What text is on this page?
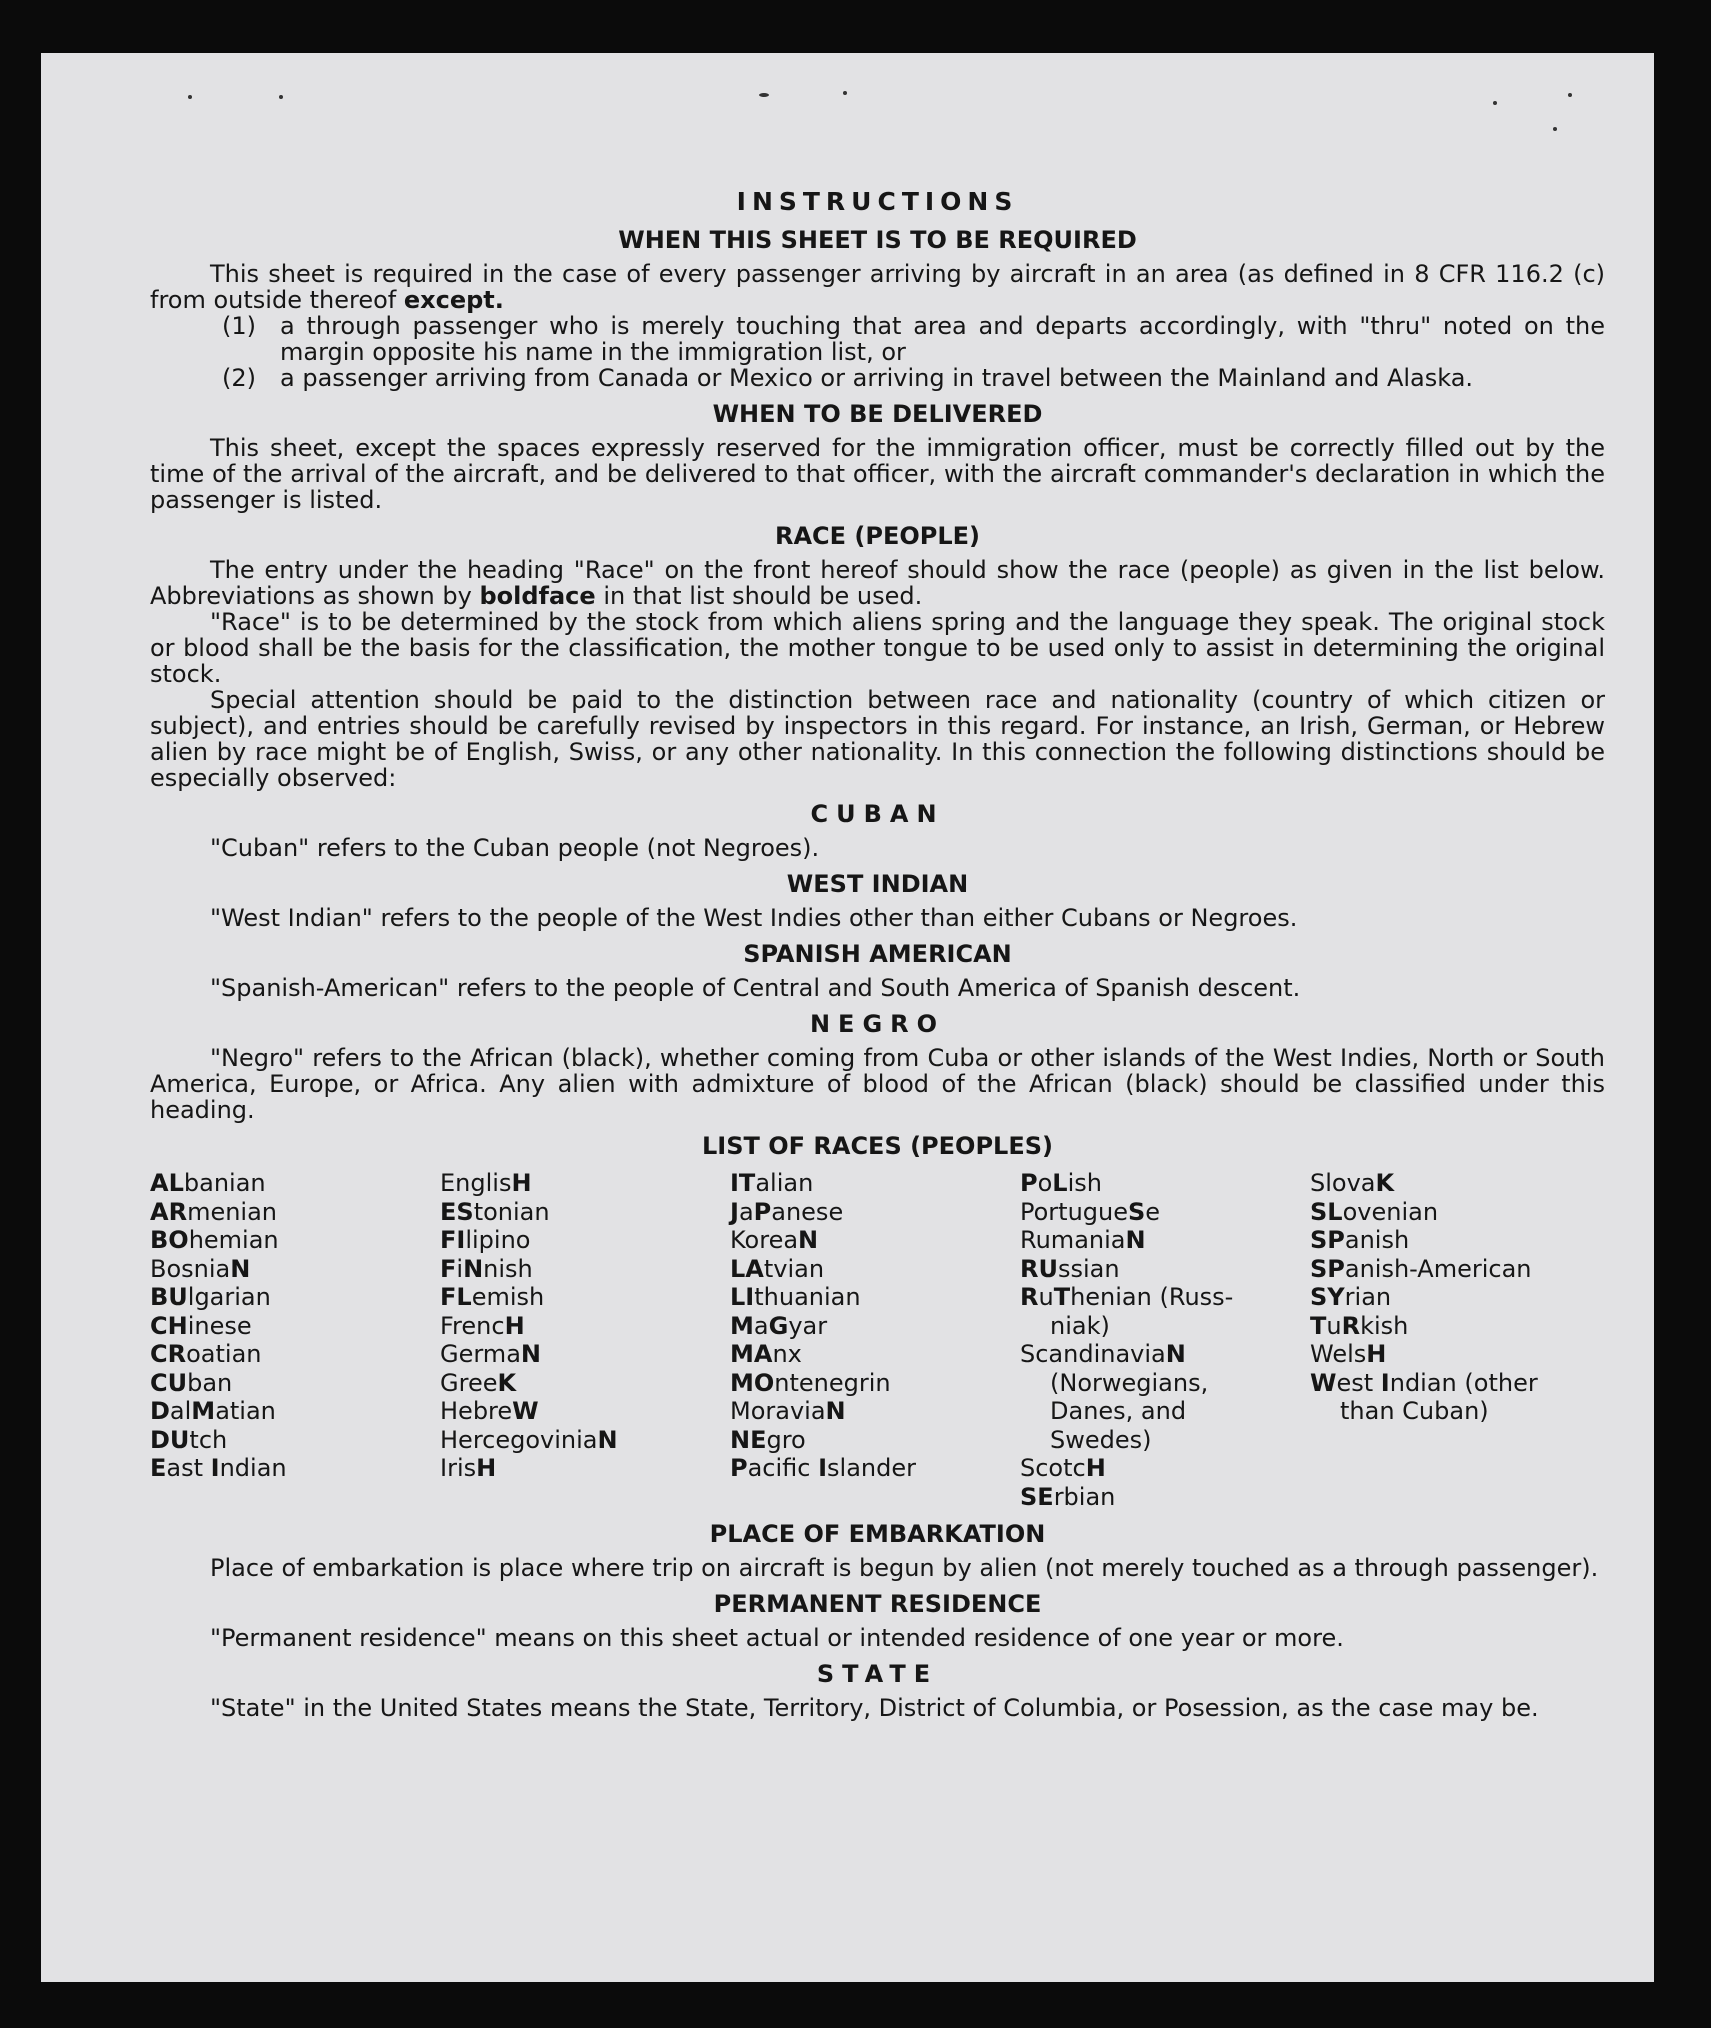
INSTRUCTIONS
WHEN THIS SHEET IS TO BE REQUIRED

This sheet is required in the case of every passenger arriving by aircraft in an area (as defined in 8 CFR 116.2 (c) from outside thereof except.

(1) a through passenger who is merely touching that area and departs accordingly, with "thru" noted on the margin opposite his name in the immigration list, or
(2) a passenger arriving from Canada or Mexico or arriving in travel between the Mainland and Alaska.
WHEN TO BE DELIVERED

This sheet, except the spaces expressly reserved for the immigration officer, must be correctly filled out by the time of the arrival of the aircraft, and be delivered to that officer, with the aircraft commander's declaration in which the passenger is listed.

RACE (PEOPLE)

The entry under the heading "Race" on the front hereof should show the race (people) as given in the list below. Abbreviations as shown by boldface in that list should be used.

"Race" is to be determined by the stock from which aliens spring and the language they speak. The original stock or blood shall be the basis for the classification, the mother tongue to be used only to assist in determining the original stock.

Special attention should be paid to the distinction between race and nationality (country of which citizen or subject), and entries should be carefully revised by inspectors in this regard. For instance, an Irish, German, or Hebrew alien by race might be of English, Swiss, or any other nationality. In this connection the following distinctions should be especially observed:

CUBAN

"Cuban" refers to the Cuban people (not Negroes).

WEST INDIAN

"West Indian" refers to the people of the West Indies other than either Cubans or Negroes.

SPANISH AMERICAN

"Spanish-American" refers to the people of Central and South America of Spanish descent.

NEGRO

"Negro" refers to the African (black), whether coming from Cuba or other islands of the West Indies, North or South America, Europe, or Africa. Any alien with admixture of blood of the African (black) should be classified under this heading.

LIST OF RACES (PEOPLES)
ALbanian
ARmenian
BOhemian
BosniaN
BUlgarian
CHinese
CRoatian
CUban
DalMatian
DUtch
East Indian
EnglisH
EStonian
FIlipino
FiNnish
FLemish
FrencH
GermaN
GreeK
HebreW
HercegoviniaN
IrisH
ITalian
JaPanese
KoreaN
LAtvian
LIthuanian
MaGyar
MAnx
MOntenegrin
MoraviaN
NEgro
Pacific Islander
PoLish
PortugueSe
RumaniaN
RUssian
RuThenian (Russ-
niak)
ScandinaviaN
(Norwegians,
Danes, and
Swedes)
ScotcH
SErbian
SlovaK
SLovenian
SPanish
SPanish-American
SYrian
TuRkish
WelsH
West Indian (other
than Cuban)
PLACE OF EMBARKATION

Place of embarkation is place where trip on aircraft is begun by alien (not merely touched as a through passenger).

PERMANENT RESIDENCE

"Permanent residence" means on this sheet actual or intended residence of one year or more.

STATE

"State" in the United States means the State, Territory, District of Columbia, or Posession, as the case may be.
